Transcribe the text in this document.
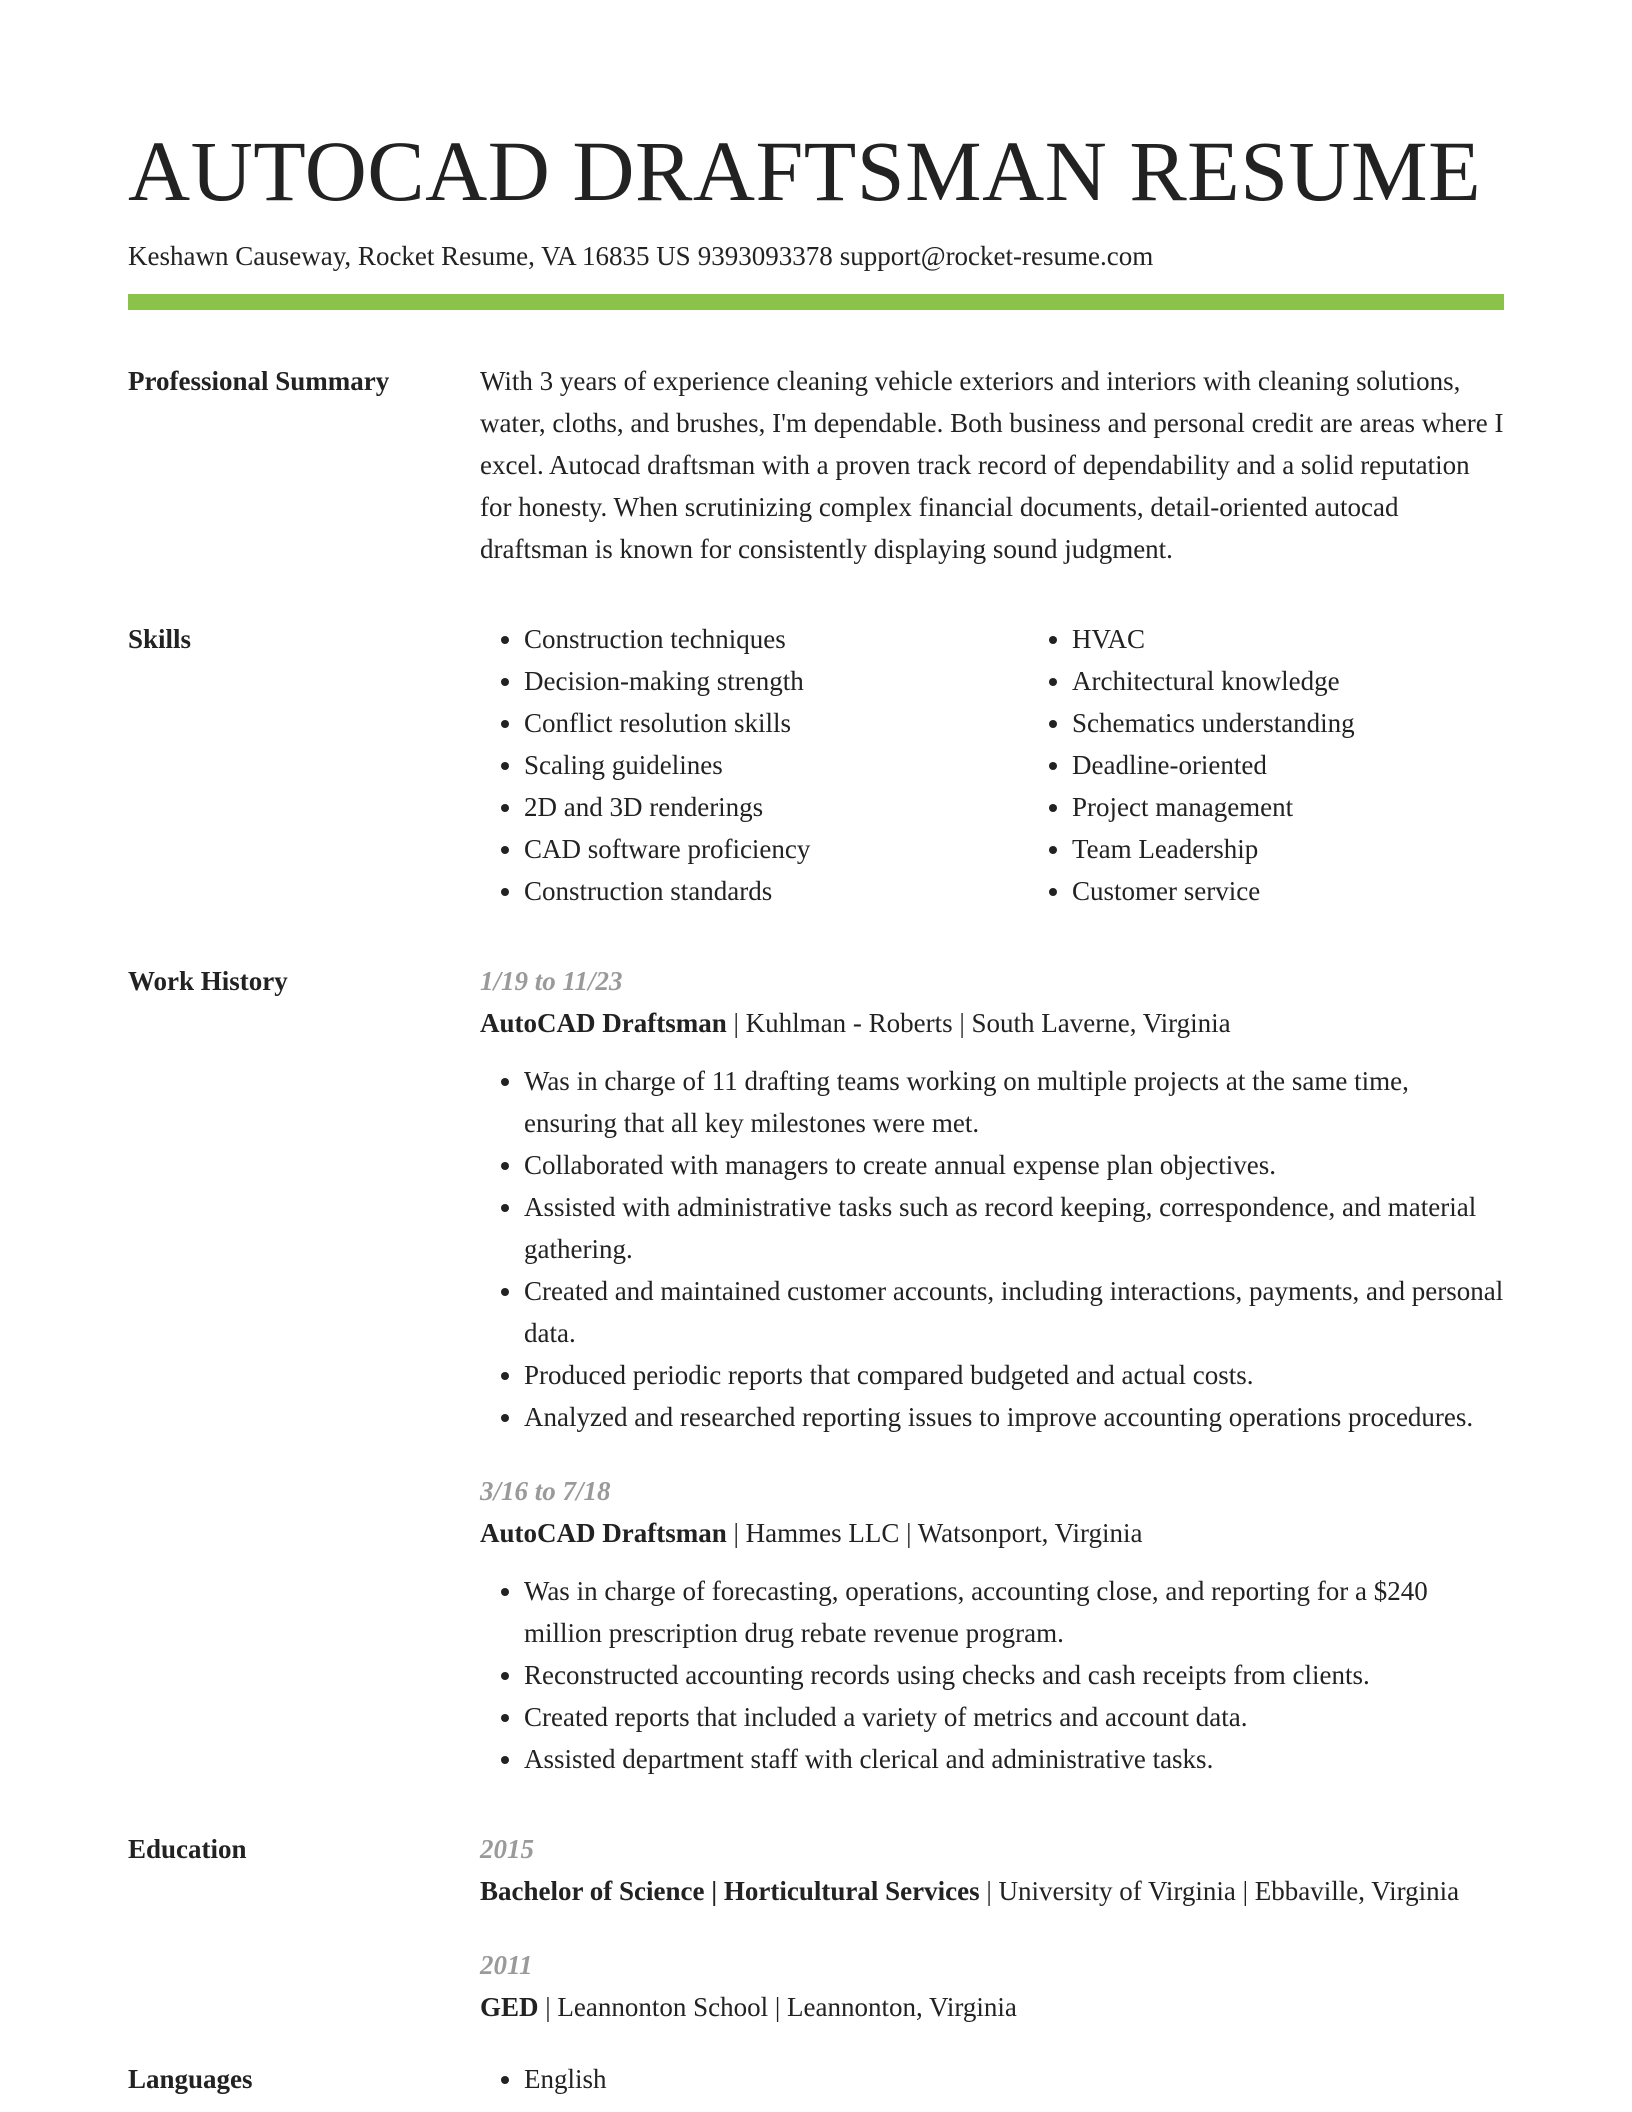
AUTOCAD DRAFTSMAN RESUME
Keshawn Causeway, Rocket Resume, VA 16835 US 9393093378 support@rocket-resume.com
Professional Summary	With 3 years of experience cleaning vehicle exteriors and interiors with cleaning solutions, water, cloths, and brushes, I'm dependable. Both business and personal credit are areas where I excel. Autocad draftsman with a proven track record of dependability and a solid reputation for honesty. When scrutinizing complex financial documents, detail-oriented autocad draftsman is known for consistently displaying sound judgment.

Skills	• Construction techniques
• Decision-making strength
• Conflict resolution skills
• Scaling guidelines
• 2D and 3D renderings
• CAD software proficiency
• Construction standards
• HVAC
• Architectural knowledge
• Schematics understanding
• Deadline-oriented
• Project management
• Team Leadership
• Customer service
Work History	1/19 to 11/23
AutoCAD Draftsman | Kuhlman - Roberts | South Laverne, Virginia
• Was in charge of 11 drafting teams working on multiple projects at the same time, ensuring that all key milestones were met.
• Collaborated with managers to create annual expense plan objectives.
• Assisted with administrative tasks such as record keeping, correspondence, and material gathering.
• Created and maintained customer accounts, including interactions, payments, and personal data.
• Produced periodic reports that compared budgeted and actual costs.
• Analyzed and researched reporting issues to improve accounting operations procedures.
3/16 to 7/18
AutoCAD Draftsman | Hammes LLC | Watsonport, Virginia
• Was in charge of forecasting, operations, accounting close, and reporting for a $240 million prescription drug rebate revenue program.
• Reconstructed accounting records using checks and cash receipts from clients.
• Created reports that included a variety of metrics and account data.
• Assisted department staff with clerical and administrative tasks.
Education	2015
Bachelor of Science | Horticultural Services | University of Virginia | Ebbaville, Virginia
2011
GED | Leannonton School | Leannonton, Virginia
Languages	• English
